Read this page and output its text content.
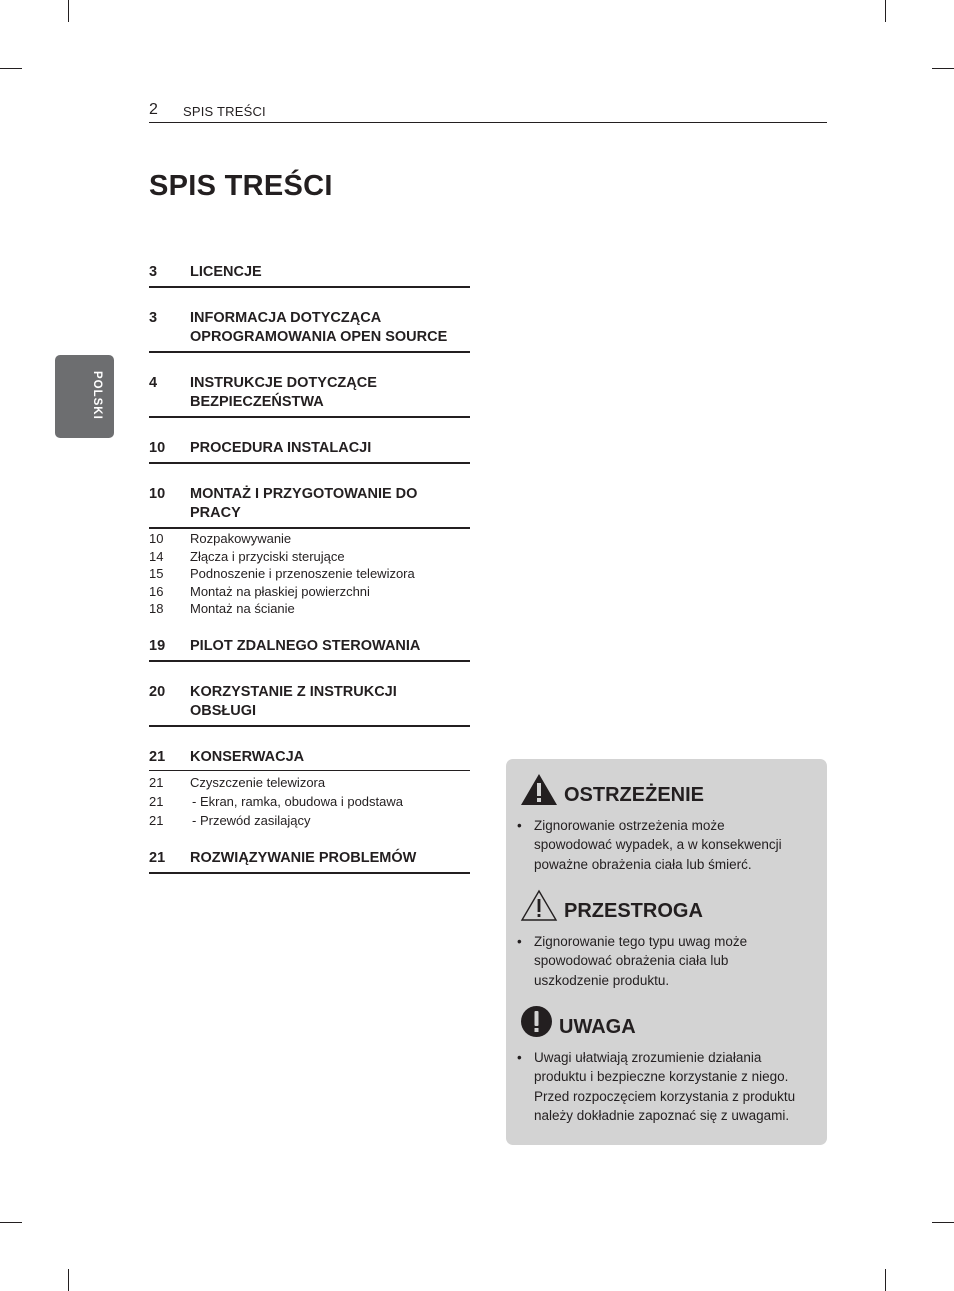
2 SPIS TREŚCI
SPIS TREŚCI
POLSKI
3 LICENCJE
3 INFORMACJA DOTYCZĄCA
OPROGRAMOWANIA OPEN SOURCE
4 INSTRUKCJE DOTYCZĄCE
BEZPIECZEŃSTWA
10 PROCEDURA INSTALACJI
10 MONTAŻ I PRZYGOTOWANIE DO
PRACY
10 Rozpakowywanie
14 Złącza i przyciski sterujące
15 Podnoszenie i przenoszenie telewizora
16 Montaż na płaskiej powierzchni
18 Montaż na ścianie
19 PILOT ZDALNEGO STEROWANIA
20 KORZYSTANIE Z INSTRUKCJI
OBSŁUGI
21 KONSERWACJA
21 Czyszczenie telewizora
21 - Ekran, ramka, obudowa i podstawa
21 - Przewód zasilający
21 ROZWIĄZYWANIE PROBLEMÓW
OSTRZEŻENIE
• Zignorowanie ostrzeżenia może
spowodować wypadek, a w konsekwencji
poważne obrażenia ciała lub śmierć.
PRZESTROGA
• Zignorowanie tego typu uwag może
spowodować obrażenia ciała lub
uszkodzenie produktu.
UWAGA
• Uwagi ułatwiają zrozumienie działania
produktu i bezpieczne korzystanie z niego.
Przed rozpoczęciem korzystania z produktu
należy dokładnie zapoznać się z uwagami.
